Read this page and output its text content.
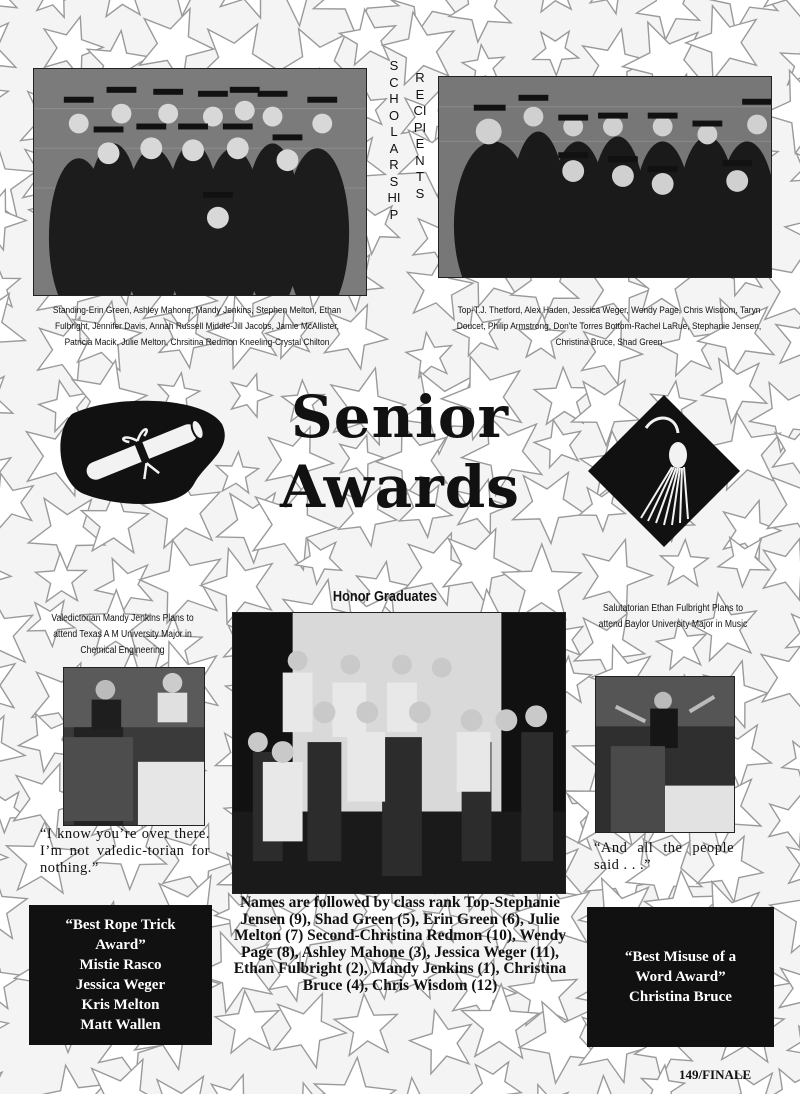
SCHOLARSHIP
RECIPIENTS
Standing-Erin Green, Ashley Mahone, Mandy Jenkins, Stephen Melton, Ethan Fulbright, Jennifer Davis, Annah Russell Middle-Jill Jacobs, Jamie McAllister, Patricia Macik, Julie Melton, Chrsitina Redmon Kneeling-Crystal Chilton
Top-T.J. Thetford, Alex Haden, Jessica Weger, Wendy Page, Chris Wisdom, Taryn Doucet, Philip Armstrong, Don'te Torres Bottom-Rachel LaRue, Stephanie Jensen, Christina Bruce, Shad Green
Senior
Awards
Honor Graduates
Valedictorian Mandy Jenkins Plans to attend Texas A M University Major in Chemical Engineering
“I know you’re over there. I’m not valedic-torian for nothing.”
Salutatorian Ethan Fulbright Plans to attend Baylor University Major in Music
“And all the people said . . .”
“Best Rope Trick Award”
Mistie Rasco
Jessica Weger
Kris Melton
Matt Wallen
Names are followed by class rank Top-Stephanie Jensen (9), Shad Green (5), Erin Green (6), Julie Melton (7) Second-Christina Redmon (10), Wendy Page (8), Ashley Mahone (3), Jessica Weger (11), Ethan Fulbright (2), Mandy Jenkins (1), Christina Bruce (4), Chris Wisdom (12)
“Best Misuse of a Word Award”
Christina Bruce
149/FINALE
